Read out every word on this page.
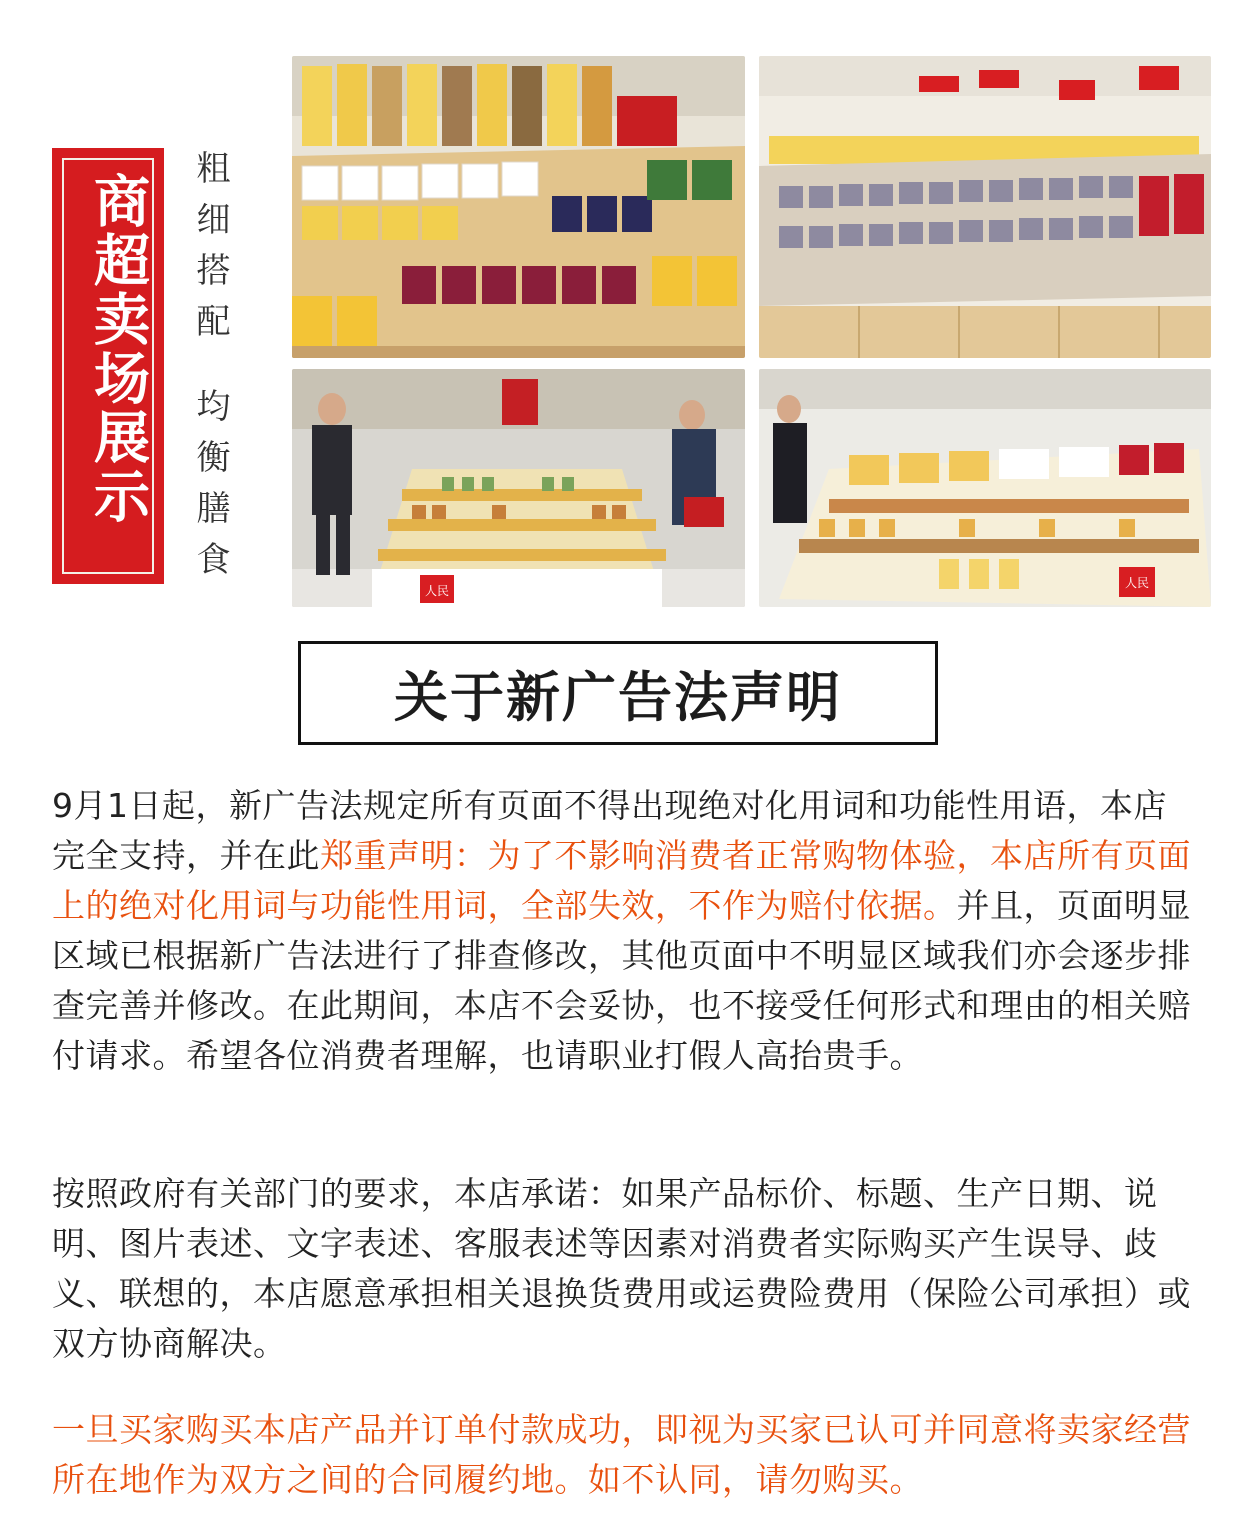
商超卖场展示	粗细搭配
均衡膳食	人民
人民
关于新广告法声明

9月1日起，新广告法规定所有页面不得出现绝对化用词和功能性用语，本店完全支持，并在此郑重声明：为了不影响消费者正常购物体验，本店所有页面上的绝对化用词与功能性用词，全部失效，不作为赔付依据。并且，页面明显区域已根据新广告法进行了排查修改，其他页面中不明显区域我们亦会逐步排查完善并修改。在此期间，本店不会妥协，也不接受任何形式和理由的相关赔付请求。希望各位消费者理解，也请职业打假人高抬贵手。

按照政府有关部门的要求，本店承诺：如果产品标价、标题、生产日期、说明、图片表述、文字表述、客服表述等因素对消费者实际购买产生误导、歧义、联想的，本店愿意承担相关退换货费用或运费险费用（保险公司承担）或双方协商解决。

一旦买家购买本店产品并订单付款成功，即视为买家已认可并同意将卖家经营所在地作为双方之间的合同履约地。如不认同，请勿购买。
